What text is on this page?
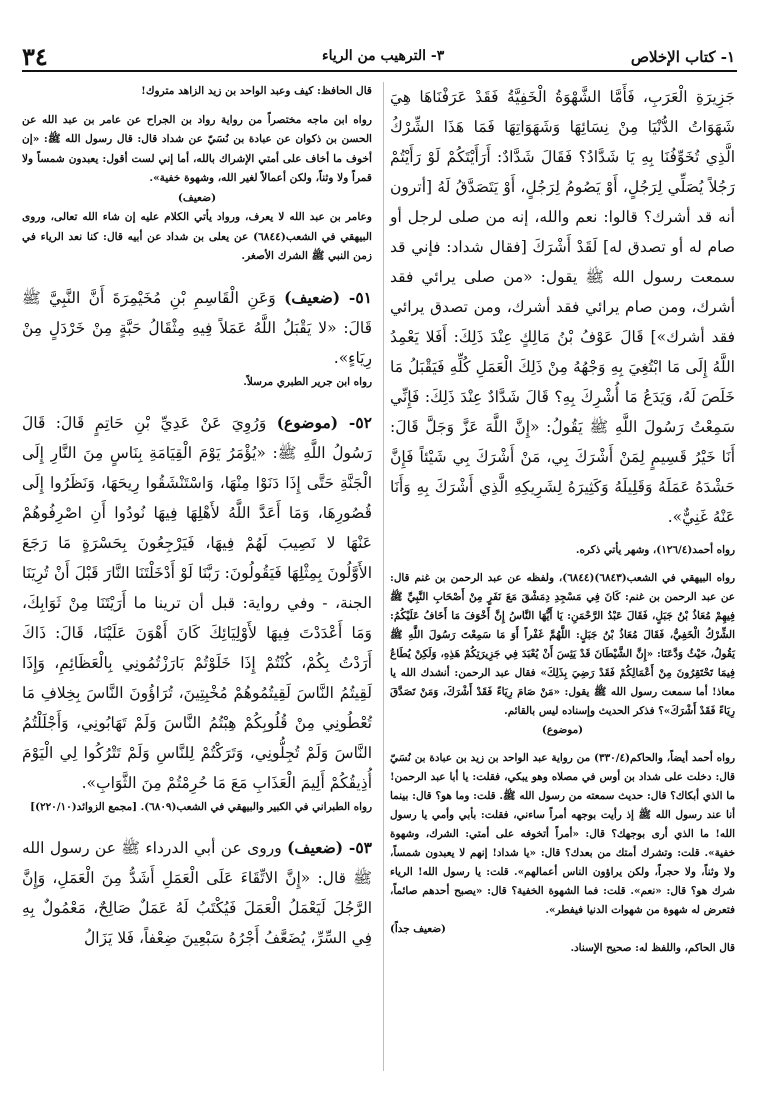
٣٤	٣- الترهيب من الرياء	١- كتاب الإخلاص

جَزِيرَةِ الْعَرَبِ، فَأَمَّا الشَّهْوَةُ الْخَفِيَّةُ فَقَدْ عَرَفْنَاهَا هِيَ شَهَوَاتُ الدُّنْيَا مِنْ نِسَائِهَا وَشَهَوَاتِهَا فَمَا هَذَا الشِّرْكُ الَّذِي تُخَوِّفُنَا بِهِ يَا شَدَّادُ؟ فَقَالَ شَدَّادٌ: أَرَأَيْتَكُمْ لَوْ رَأَيْتُمْ رَجُلاً يُصَلِّي لِرَجُلٍ، أَوْ يَصُومُ لِرَجُلٍ، أَوْ يَتَصَدَّقُ لَهُ [أترون أنه قد أشرك؟ قالوا: نعم والله، إنه من صلى لرجل أو صام له أو تصدق له] لَقَدْ أَشْرَكَ [فقال شداد: فإني قد سمعت رسول الله ﷺ يقول: «من صلى يرائي فقد أشرك، ومن صام يرائي فقد أشرك، ومن تصدق يرائي فقد أشرك»] قَالَ عَوْفُ بْنُ مَالِكٍ عِنْدَ ذَلِكَ: أَفَلا يَعْمِدُ اللَّهُ إِلَى مَا ابْتُغِيَ بِهِ وَجْهُهُ مِنْ ذَلِكَ الْعَمَلِ كُلِّهِ فَيَقْبَلُ مَا خَلَصَ لَهُ، وَيَدَعُ مَا أُشْرِكَ بِهِ؟ قَالَ شَدَّادٌ عِنْدَ ذَلِكَ: فَإِنِّي سَمِعْتُ رَسُولَ اللَّهِ ﷺ يَقُولُ: «إِنَّ اللَّهَ عَزَّ وَجَلَّ قَالَ: أَنَا خَيْرُ قَسِيمٍ لِمَنْ أَشْرَكَ بِي، مَنْ أَشْرَكَ بِي شَيْئاً فَإِنَّ حَشْدَهُ عَمَلَهُ وَقَلِيلَهُ وَكَثِيرَهُ لِشَرِيكِهِ الَّذِي أَشْرَكَ بِهِ وَأَنَا عَنْهُ غَنِيٌّ».

رواه أحمد(١٢٦/٤)، وشهر يأتي ذكره.

رواه البيهقي في الشعب(٦٨٤٣)(٦٨٤٤)، ولفظه عن عبد الرحمن بن غنم قال: عن عبد الرحمن بن غنم: كَانَ فِي مَسْجِدِ دِمَشْقَ مَعَ نَفَرٍ مِنْ أَصْحَابِ النَّبِيِّ ﷺ فِيهِمْ مُعَاذُ بْنُ جَبَلٍ، فَقَالَ عَبْدُ الرَّحْمَنِ: يَا أَيُّهَا النَّاسُ إِنَّ أَخْوَفَ مَا أَخَافُ عَلَيْكُمُ: الشِّرْكُ الْخَفِيُّ، فَقَالَ مُعَاذُ بْنُ جَبَلٍ: اللَّهُمَّ غَفْراً أَوَ مَا سَمِعْتَ رَسُولَ اللَّهِ ﷺ يَقُولُ، حَيْثُ وَدَّعَنَا: «إِنَّ الشَّيْطَانَ قَدْ يَئِسَ أَنْ يُعْبَدَ فِي جَزِيرَتِكُمْ هَذِهِ، وَلَكِنْ يُطَاعُ فِيمَا تَحْتَقِرُونَ مِنْ أَعْمَالِكُمْ فَقَدْ رَضِيَ بِذَلِكَ» فقال عبد الرحمن: أنشدك الله يا معاذ! أما سمعت رسول الله ﷺ يقول: «مَنْ صَامَ رِيَاءً فَقَدْ أَشْرَكَ، وَمَنْ تَصَدَّقَ رِيَاءً فَقَدْ أَشْرَكَ»؟ فذكر الحديث وإسناده ليس بالقائم.

(موضوع)

رواه أحمد أيضاً، والحاكم(٣٣٠/٤) من رواية عبد الواحد بن زيد بن عبادة بن نُسَيّ قال: دخلت على شداد بن أوس في مصلاه وهو يبكي، فقلت: يا أبا عبد الرحمن! ما الذي أبكاك؟ قال: حديث سمعته من رسول الله ﷺ. قلت: وما هو؟ قال: بينما أنا عند رسول الله ﷺ إذ رأيت بوجهه أمراً ساءني، فقلت: بأبي وأمي يا رسول الله! ما الذي أرى بوجهك؟ قال: «أمراً أتخوفه على أمتي: الشرك، وشهوة خفية». قلت: وتشرك أمتك من بعدك؟ قال: «يا شداد! إنهم لا يعبدون شمساً، ولا وثناً، ولا حجراً، ولكن يراؤون الناس أعمالهم». قلت: يا رسول الله! الرياء شرك هو؟ قال: «نعم». قلت: فما الشهوة الخفية؟ قال: «يصبح أحدهم صائماً، فتعرض له شهوة من شهوات الدنيا فيفطر».

(ضعيف جداً)

قال الحاكم، واللفظ له: صحيح الإسناد.

قال الحافظ: كيف وعبد الواحد بن زيد الزاهد متروك!

رواه ابن ماجه مختصراً من رواية رواد بن الجراح عن عامر بن عبد الله عن الحسن بن ذكوان عن عبادة بن نُسَيّ عن شداد قال: قال رسول الله ﷺ: «إن أخوف ما أخاف على أمتي الإشراك بالله، أما إني لست أقول: يعبدون شمساً ولا قمراً ولا وثناً، ولكن أعمالاً لغير الله، وشهوة خفية».

(ضعيف)

وعامر بن عبد الله لا يعرف، ورواد يأتي الكلام عليه إن شاء الله تعالى، وروى البيهقي في الشعب(٦٨٤٤) عن يعلى بن شداد عن أبيه قال: كنا نعد الرياء في زمن النبي ﷺ الشرك الأصغر.

٥١- (ضعيف) وَعَنِ الْقَاسِمِ بْنِ مُخَيْمِرَةَ أَنَّ النَّبِيَّ ﷺ قَالَ: «لا يَقْبَلُ اللَّهُ عَمَلاً فِيهِ مِثْقَالُ حَبَّةٍ مِنْ خَرْدَلٍ مِنْ رِيَاءٍ».

رواه ابن جرير الطبري مرسلاً.

٥٢- (موضوع) وَرُوِيَ عَنْ عَدِيِّ بْنِ حَاتِمٍ قَالَ: قَالَ رَسُولُ اللَّهِ ﷺ: «يُؤْمَرُ يَوْمَ الْقِيَامَةِ بِنَاسٍ مِنَ النَّارِ إِلَى الْجَنَّةِ حَتَّى إِذَا دَنَوْا مِنْهَا، وَاسْتَنْشَقُوا رِيحَهَا، وَنَظَرُوا إِلَى قُصُورِهَا، وَمَا أَعَدَّ اللَّهُ لأَهْلِهَا فِيهَا نُودُوا أَنِ اصْرِفُوهُمْ عَنْهَا لا نَصِيبَ لَهُمْ فِيهَا، فَيَرْجِعُونَ بِحَسْرَةٍ مَا رَجَعَ الأَوَّلُونَ بِمِثْلِهَا فَيَقُولُونَ: رَبَّنَا لَوْ أَدْخَلْتَنَا النَّارَ قَبْلَ أَنْ تُرِيَنَا الجنة، - وفي رواية: قبل أن ترينا ما أَرَيْتَنَا مِنْ ثَوَابِكَ، وَمَا أَعْدَدْتَ فِيهَا لأَوْلِيَائِكَ كَانَ أَهْوَنَ عَلَيْنَا، قَالَ: ذَاكَ أَرَدْتُ بِكُمْ، كُنْتُمْ إِذَا خَلَوْتُمْ بَارَزْتُمُونِي بِالْعَظَائِمِ، وَإِذَا لَقِيتُمُ النَّاسَ لَقِيتُمُوهُمْ مُخْبِتِينَ، تُرَاؤُونَ النَّاسَ بِخِلافِ مَا تُعْطُونِي مِنْ قُلُوبِكُمْ هِبْتُمُ النَّاسَ وَلَمْ تَهَابُونِي، وَأَجْلَلْتُمُ النَّاسَ وَلَمْ تُجِلُّونِي، وَتَرَكْتُمْ لِلنَّاسِ وَلَمْ تَتْرُكُوا لِي الْيَوْمَ أُذِيقُكُمْ أَلِيمَ الْعَذَابِ مَعَ مَا حُرِمْتُمْ مِنَ الثَّوَابِ».

رواه الطبراني في الكبير والبيهقي في الشعب(٦٨٠٩). [مجمع الزوائد(٢٢٠/١٠)]

٥٣- (ضعيف) وروى عن أبي الدرداء ﷺ عن رسول الله ﷺ قال: «إِنَّ الاتِّقَاءَ عَلَى الْعَمَلِ أَشَدُّ مِنَ الْعَمَلِ، وَإِنَّ الرَّجُلَ لَيَعْمَلُ الْعَمَلَ فَيُكْتَبُ لَهُ عَمَلٌ صَالِحٌ، مَعْمُولٌ بِهِ فِي السِّرِّ، يُضَعَّفُ أَجْرُهُ سَبْعِينَ ضِعْفاً، فَلا يَزَالُ
